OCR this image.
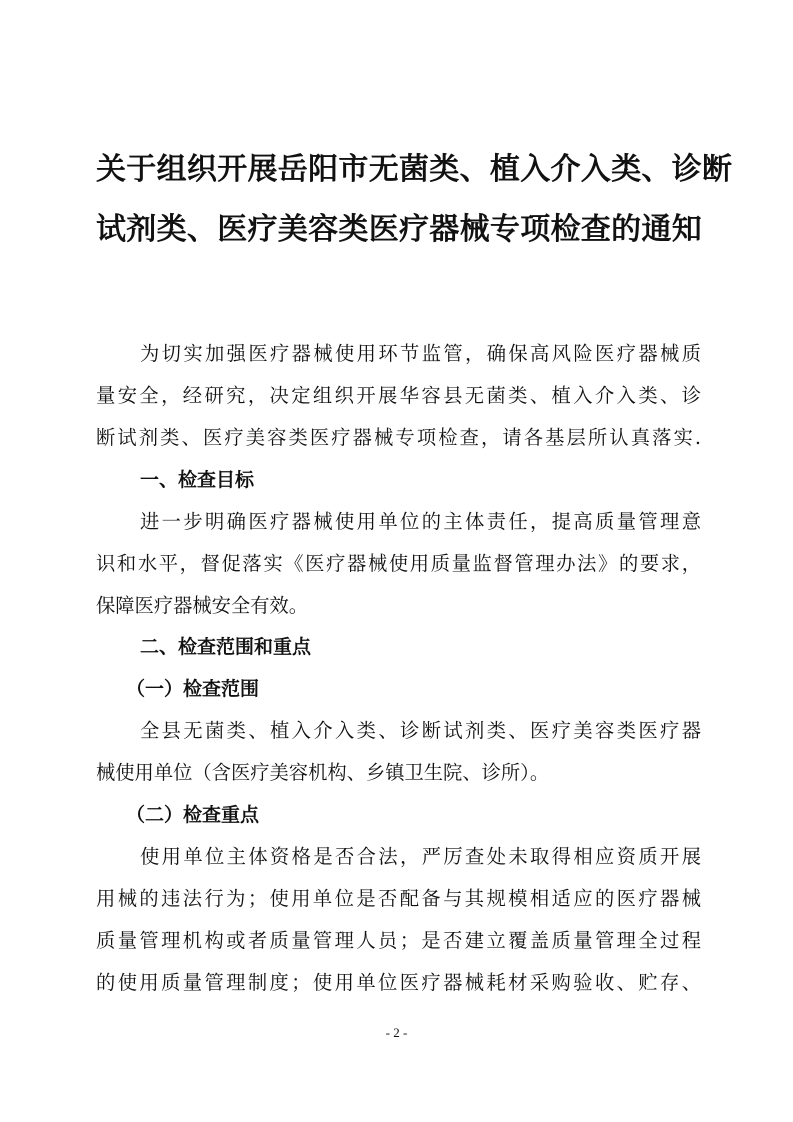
关于组织开展岳阳市无菌类、植入介入类、诊断
试剂类、医疗美容类医疗器械专项检查的通知

为切实加强医疗器械使用环节监管，确保高风险医疗器械质

量安全，经研究，决定组织开展华容县无菌类、植入介入类、诊

断试剂类、医疗美容类医疗器械专项检查，请各基层所认真落实.

一、检查目标

进一步明确医疗器械使用单位的主体责任，提高质量管理意

识和水平，督促落实《医疗器械使用质量监督管理办法》的要求，

保障医疗器械安全有效。

二、检查范围和重点

（一）检查范围

全县无菌类、植入介入类、诊断试剂类、医疗美容类医疗器

械使用单位（含医疗美容机构、乡镇卫生院、诊所）。

（二）检查重点

使用单位主体资格是否合法，严厉查处未取得相应资质开展

用械的违法行为；使用单位是否配备与其规模相适应的医疗器械

质量管理机构或者质量管理人员；是否建立覆盖质量管理全过程

的使用质量管理制度；使用单位医疗器械耗材采购验收、贮存、

- 2 -
